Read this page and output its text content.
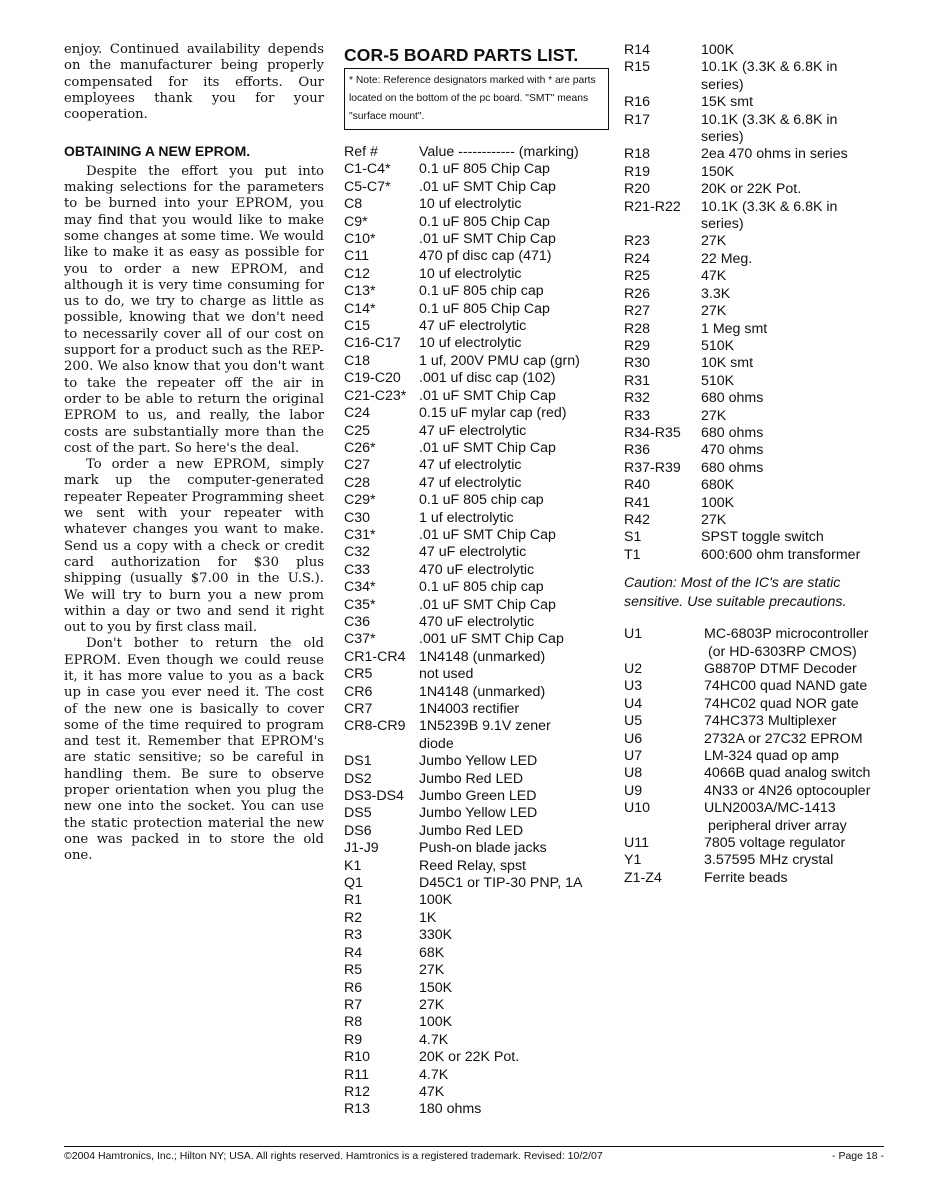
enjoy. Continued availability depends on the manufacturer being properly compensated for its efforts. Our employees thank you for your cooperation.

OBTAINING A NEW EPROM.

Despite the effort you put into making selections for the parameters to be burned into your EPROM, you may find that you would like to make some changes at some time. We would like to make it as easy as possible for you to order a new EPROM, and although it is very time consuming for us to do, we try to charge as little as possible, knowing that we don't need to necessarily cover all of our cost on support for a product such as the REP-200. We also know that you don't want to take the repeater off the air in order to be able to return the original EPROM to us, and really, the labor costs are substantially more than the cost of the part. So here's the deal.

To order a new EPROM, simply mark up the computer-generated repeater Repeater Programming sheet we sent with your repeater with whatever changes you want to make. Send us a copy with a check or credit card authorization for $30 plus shipping (usually $7.00 in the U.S.). We will try to burn you a new prom within a day or two and send it right out to you by first class mail.

Don't bother to return the old EPROM. Even though we could reuse it, it has more value to you as a back up in case you ever need it. The cost of the new one is basically to cover some of the time required to program and test it. Remember that EPROM's are static sensitive; so be careful in handling them. Be sure to observe proper orientation when you plug the new one into the socket. You can use the static protection material the new one was packed in to store the old one.

COR-5 BOARD PARTS LIST.
* Note: Reference designators marked with * are parts located on the bottom of the pc board. "SMT" means "surface mount".
Ref #	Value ------------ (marking)
C1-C4*	0.1 uF 805 Chip Cap
C5-C7*	.01 uF SMT Chip Cap
C8	10 uf electrolytic
C9*	0.1 uF 805 Chip Cap
C10*	.01 uF SMT Chip Cap
C11	470 pf disc cap (471)
C12	10 uf electrolytic
C13*	0.1 uF 805 chip cap
C14*	0.1 uF 805 Chip Cap
C15	47 uF electrolytic
C16-C17	10 uf electrolytic
C18	1 uf, 200V PMU cap (grn)
C19-C20	.001 uf disc cap (102)
C21-C23* .01 uF SMT Chip Cap
C24	0.15 uF mylar cap (red)
C25	47 uF electrolytic
C26*	.01 uF SMT Chip Cap
C27	47 uf electrolytic
C28	47 uf electrolytic
C29*	0.1 uF 805 chip cap
C30	1 uf electrolytic
C31*	.01 uF SMT Chip Cap
C32	47 uF electrolytic
C33	470 uF electrolytic
C34*	0.1 uF 805 chip cap
C35*	.01 uF SMT Chip Cap
C36	470 uF electrolytic
C37*	.001 uF SMT Chip Cap
CR1-CR4 1N4148 (unmarked)
CR5	not used
CR6	1N4148 (unmarked)
CR7	1N4003 rectifier
CR8-CR9 1N5239B 9.1V zener
diode
DS1	Jumbo Yellow LED
DS2	Jumbo Red LED
DS3-DS4	Jumbo Green LED
DS5	Jumbo Yellow LED
DS6	Jumbo Red LED
J1-J9	Push-on blade jacks
K1	Reed Relay, spst
Q1	D45C1 or TIP-30 PNP, 1A
R1	100K
R2	1K
R3	330K
R4	68K
R5	27K
R6	150K
R7	27K
R8	100K
R9	4.7K
R10	20K or 22K Pot.
R11	4.7K
R12	47K
R13	180 ohms
R14	100K
R15	10.1K (3.3K & 6.8K in
series)
R16	15K smt
R17	10.1K (3.3K & 6.8K in
series)
R18	2ea 470 ohms in series
R19	150K
R20	20K or 22K Pot.
R21-R22	10.1K (3.3K & 6.8K in
series)
R23	27K
R24	22 Meg.
R25	47K
R26	3.3K
R27	27K
R28	1 Meg smt
R29	510K
R30	10K smt
R31	510K
R32	680 ohms
R33	27K
R34-R35	680 ohms
R36	470 ohms
R37-R39	680 ohms
R40	680K
R41	100K
R42	27K
S1	SPST toggle switch
T1	600:600 ohm transformer
Caution: Most of the IC's are static sensitive. Use suitable precautions.
U1	MC-6803P microcontroller
(or HD-6303RP CMOS)
U2	G8870P DTMF Decoder
U3	74HC00 quad NAND gate
U4	74HC02 quad NOR gate
U5	74HC373 Multiplexer
U6	2732A or 27C32 EPROM
U7	LM-324 quad op amp
U8	4066B quad analog switch
U9	4N33 or 4N26 optocoupler
U10	ULN2003A/MC-1413
peripheral driver array
U11	7805 voltage regulator
Y1	3.57595 MHz crystal
Z1-Z4	Ferrite beads
©2004 Hamtronics, Inc.; Hilton NY; USA. All rights reserved. Hamtronics is a registered trademark. Revised: 10/2/07	- Page 18 -
